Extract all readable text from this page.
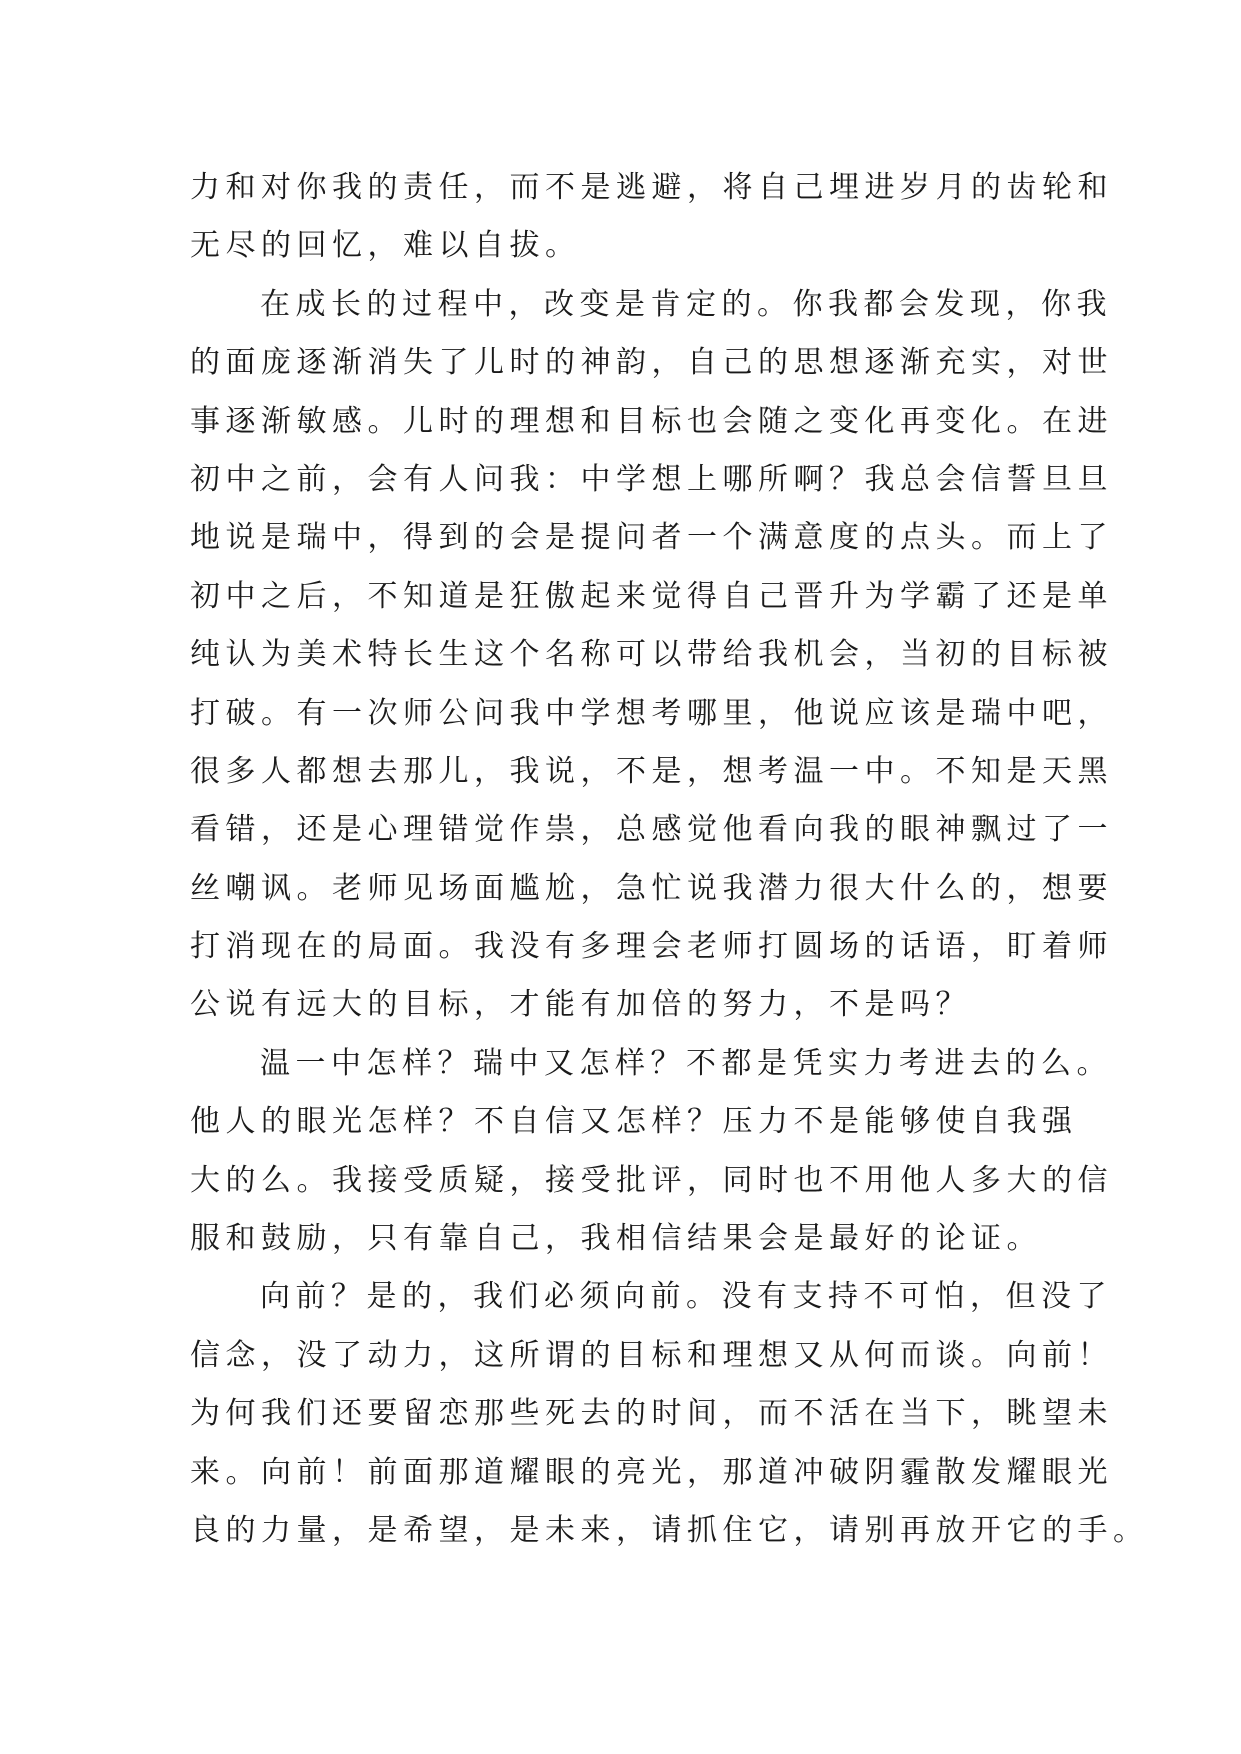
力和对你我的责任，而不是逃避，将自己埋进岁月的齿轮和
无尽的回忆，难以自拔。
在成长的过程中，改变是肯定的。你我都会发现，你我
的面庞逐渐消失了儿时的神韵，自己的思想逐渐充实，对世
事逐渐敏感。儿时的理想和目标也会随之变化再变化。在进
初中之前，会有人问我：中学想上哪所啊？我总会信誓旦旦
地说是瑞中，得到的会是提问者一个满意度的点头。而上了
初中之后，不知道是狂傲起来觉得自己晋升为学霸了还是单
纯认为美术特长生这个名称可以带给我机会，当初的目标被
打破。有一次师公问我中学想考哪里，他说应该是瑞中吧，
很多人都想去那儿，我说，不是，想考温一中。不知是天黑
看错，还是心理错觉作祟，总感觉他看向我的眼神飘过了一
丝嘲讽。老师见场面尴尬，急忙说我潜力很大什么的，想要
打消现在的局面。我没有多理会老师打圆场的话语，盯着师
公说有远大的目标，才能有加倍的努力，不是吗？
温一中怎样？瑞中又怎样？不都是凭实力考进去的么。
他人的眼光怎样？不自信又怎样？压力不是能够使自我强
大的么。我接受质疑，接受批评，同时也不用他人多大的信
服和鼓励，只有靠自己，我相信结果会是最好的论证。
向前？是的，我们必须向前。没有支持不可怕，但没了
信念，没了动力，这所谓的目标和理想又从何而谈。向前！
为何我们还要留恋那些死去的时间，而不活在当下，眺望未
来。向前！前面那道耀眼的亮光，那道冲破阴霾散发耀眼光
良的力量，是希望，是未来，请抓住它，请别再放开它的手。
